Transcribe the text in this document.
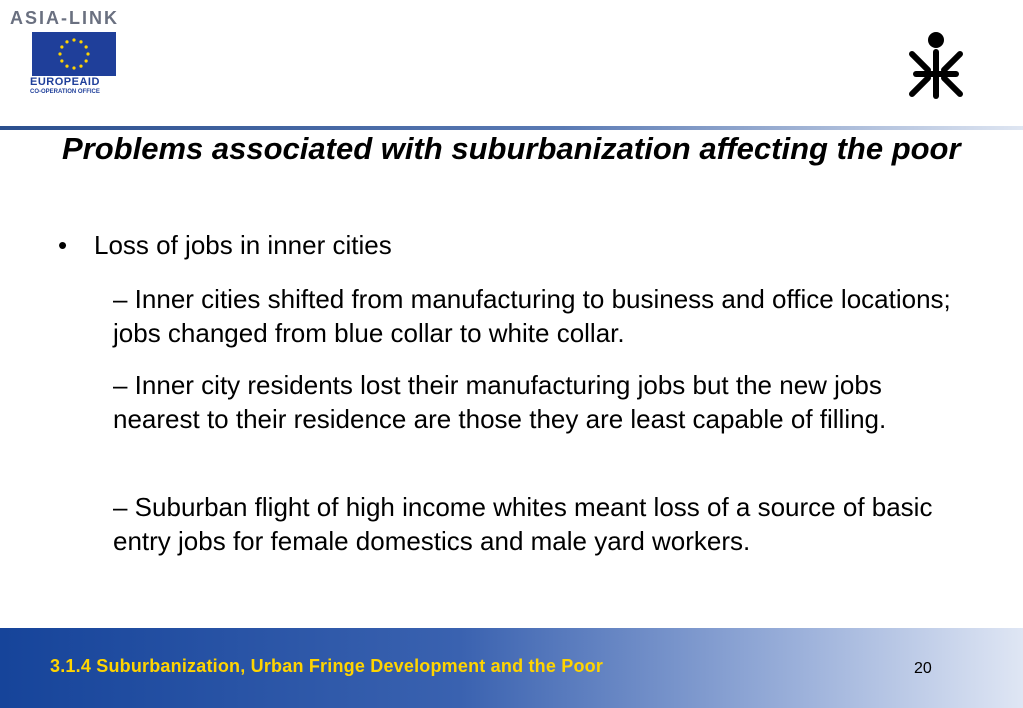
ASIA-LINK
EUROPEAID
CO-OPERATION OFFICE
Problems associated with suburbanization affecting the poor
• Loss of jobs in inner cities
– Inner cities shifted from manufacturing to business and office locations; jobs changed from blue collar to white collar.
– Inner city residents lost their manufacturing jobs but the new jobs nearest to their residence are those they are least capable of filling.
– Suburban flight of high income whites meant loss of a source of basic entry jobs for female domestics and male yard workers.
3.1.4 Suburbanization, Urban Fringe Development and the Poor	20
